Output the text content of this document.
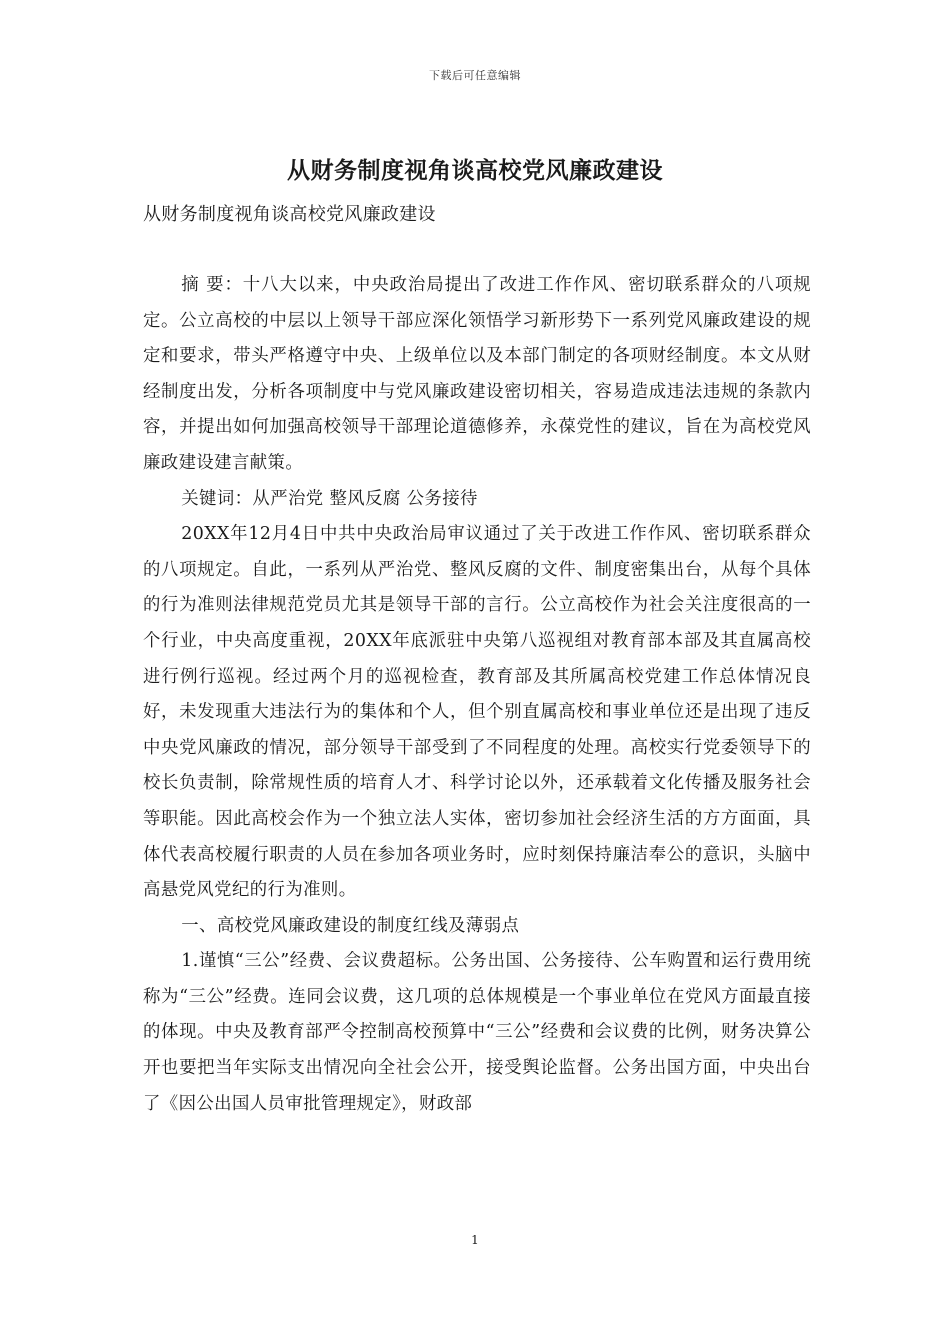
下载后可任意编辑
从财务制度视角谈高校党风廉政建设
从财务制度视角谈高校党风廉政建设

摘 要：十八大以来，中央政治局提出了改进工作作风、密切联系群众的八项规定。公立高校的中层以上领导干部应深化领悟学习新形势下一系列党风廉政建设的规定和要求，带头严格遵守中央、上级单位以及本部门制定的各项财经制度。本文从财经制度出发，分析各项制度中与党风廉政建设密切相关，容易造成违法违规的条款内容，并提出如何加强高校领导干部理论道德修养，永葆党性的建议，旨在为高校党风廉政建设建言献策。

关键词：从严治党 整风反腐 公务接待

20XX年12月4日中共中央政治局审议通过了关于改进工作作风、密切联系群众的八项规定。自此，一系列从严治党、整风反腐的文件、制度密集出台，从每个具体的行为准则法律规范党员尤其是领导干部的言行。公立高校作为社会关注度很高的一个行业，中央高度重视，20XX年底派驻中央第八巡视组对教育部本部及其直属高校进行例行巡视。经过两个月的巡视检查，教育部及其所属高校党建工作总体情况良好，未发现重大违法行为的集体和个人，但个别直属高校和事业单位还是出现了违反中央党风廉政的情况，部分领导干部受到了不同程度的处理。高校实行党委领导下的校长负责制，除常规性质的培育人才、科学讨论以外，还承载着文化传播及服务社会等职能。因此高校会作为一个独立法人实体，密切参加社会经济生活的方方面面，具体代表高校履行职责的人员在参加各项业务时，应时刻保持廉洁奉公的意识，头脑中高悬党风党纪的行为准则。

一、高校党风廉政建设的制度红线及薄弱点

1.谨慎“三公”经费、会议费超标。公务出国、公务接待、公车购置和运行费用统称为“三公”经费。连同会议费，这几项的总体规模是一个事业单位在党风方面最直接的体现。中央及教育部严令控制高校预算中“三公”经费和会议费的比例，财务决算公开也要把当年实际支出情况向全社会公开，接受舆论监督。公务出国方面，中央出台了《因公出国人员审批管理规定》，财政部

1
